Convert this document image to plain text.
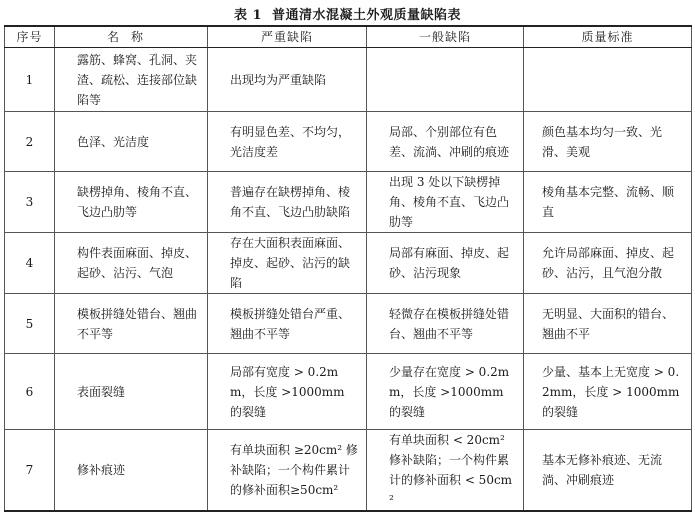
表 1 普通清水混凝土外观质量缺陷表
序号	名称	严重缺陷	一般缺陷	质量标准
1	露筋、蜂窝、孔洞、夹渣、疏松、连接部位缺陷等	出现均为严重缺陷		
2	色泽、光洁度	有明显色差、不均匀，光洁度差	局部、个别部位有色差、流淌、冲刷的痕迹	颜色基本均匀一致、光滑、美观
3	缺楞掉角、棱角不直、飞边凸肋等	普遍存在缺楞掉角、棱角不直、飞边凸肋缺陷	出现 3 处以下缺楞掉角、棱角不直、飞边凸肋等	棱角基本完整、流畅、顺直
4	构件表面麻面、掉皮、起砂、沾污、气泡	存在大面积表面麻面、掉皮、起砂、沾污的缺陷	局部有麻面、掉皮、起砂、沾污现象	允许局部麻面、掉皮、起砂、沾污，且气泡分散
5	模板拼缝处错台、翘曲不平等	模板拼缝处错台严重、翘曲不平等	轻微存在模板拼缝处错台、翘曲不平等	无明显、大面积的错台、翘曲不平
6	表面裂缝	局部有宽度 > 0.2mm，长度 >1000mm 的裂缝	少量存在宽度 > 0.2mm，长度 >1000mm 的裂缝	少量、基本上无宽度 > 0.2mm，长度 > 1000mm 的裂缝
7	修补痕迹	有单块面积 ≥20cm² 修补缺陷；一个构件累计的修补面积≥50cm²	有单块面积 < 20cm² 修补缺陷；一个构件累计的修补面积 < 50cm²	基本无修补痕迹、无流淌、冲刷痕迹
